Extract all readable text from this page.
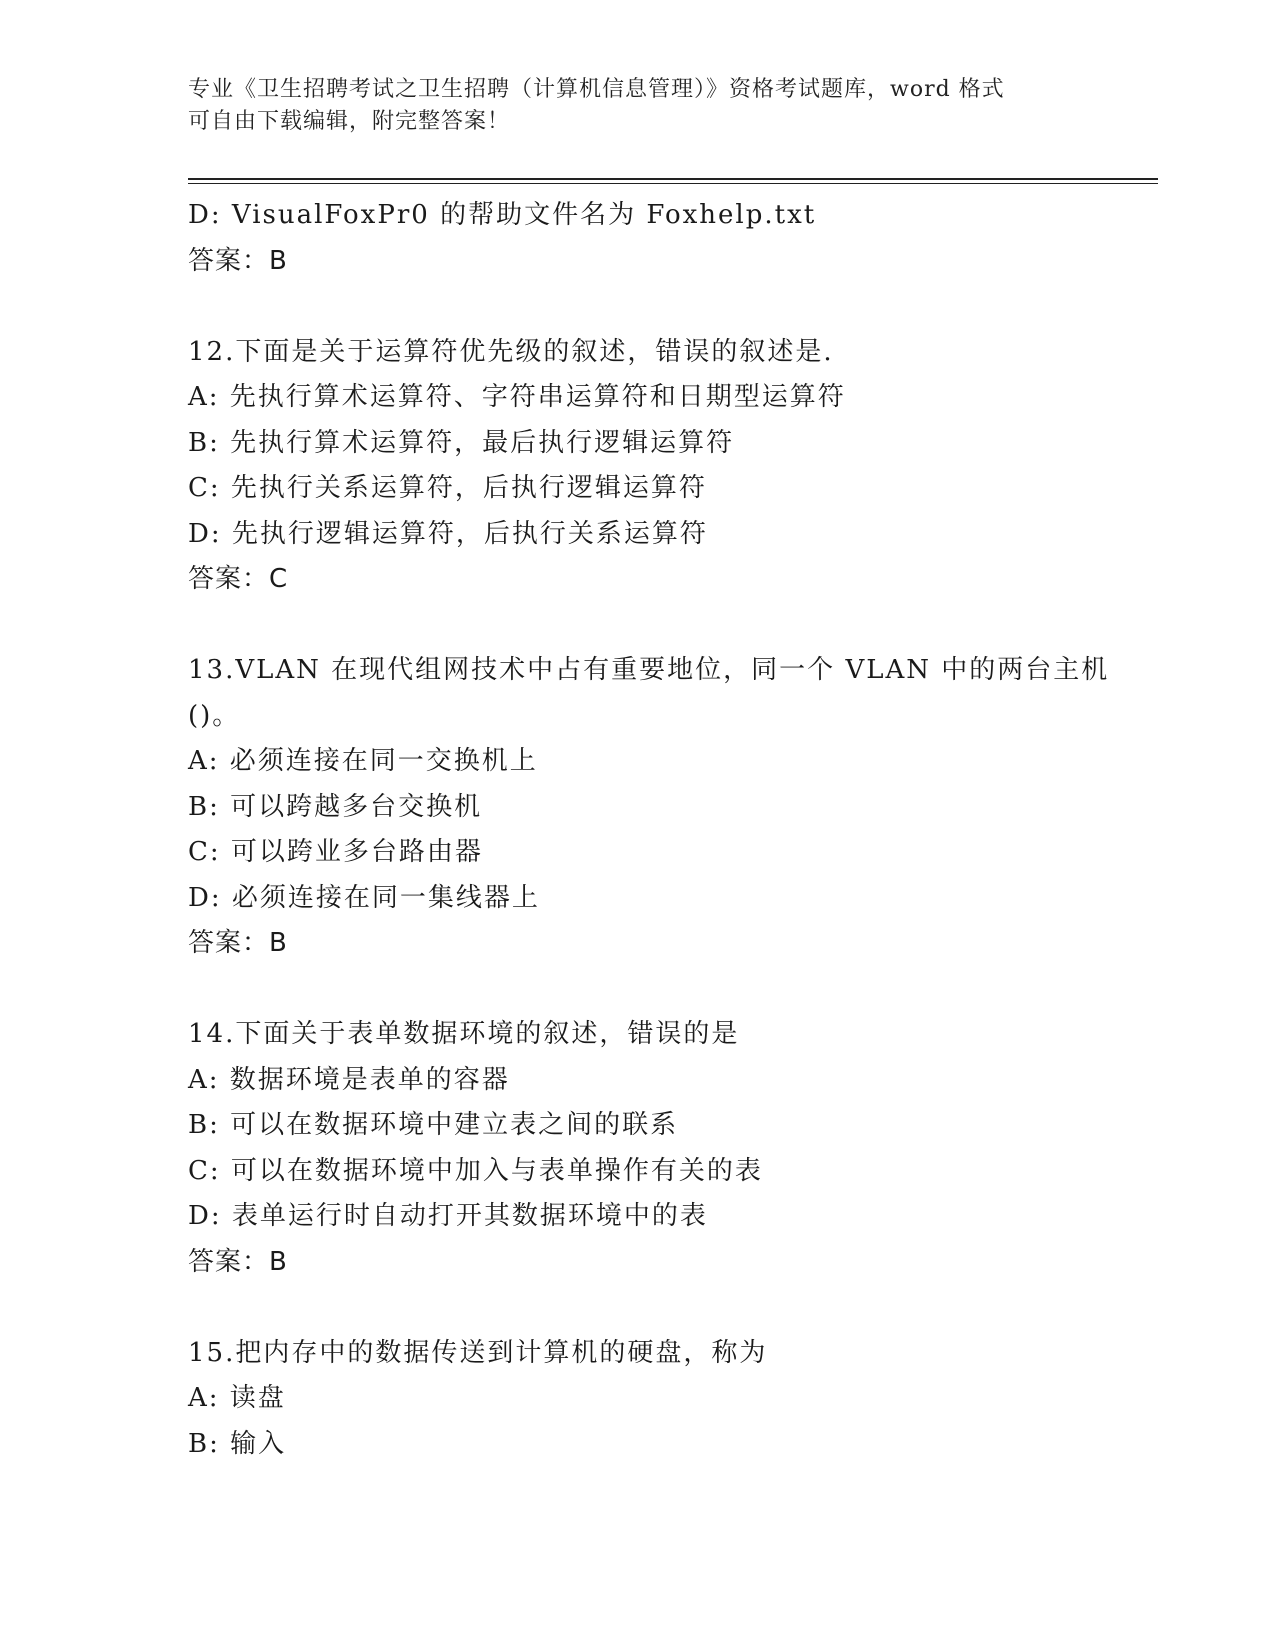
专业《卫生招聘考试之卫生招聘（计算机信息管理）》资格考试题库，word 格式
可自由下载编辑，附完整答案！
D: VisualFoxPr0 的帮助文件名为 Foxhelp.txt
答案：B
12.下面是关于运算符优先级的叙述，错误的叙述是.
A: 先执行算术运算符、字符串运算符和日期型运算符
B: 先执行算术运算符，最后执行逻辑运算符
C: 先执行关系运算符，后执行逻辑运算符
D: 先执行逻辑运算符，后执行关系运算符
答案：C
13.VLAN 在现代组网技术中占有重要地位，同一个 VLAN 中的两台主机
()。
A: 必须连接在同一交换机上
B: 可以跨越多台交换机
C: 可以跨业多台路由器
D: 必须连接在同一集线器上
答案：B
14.下面关于表单数据环境的叙述，错误的是
A: 数据环境是表单的容器
B: 可以在数据环境中建立表之间的联系
C: 可以在数据环境中加入与表单操作有关的表
D: 表单运行时自动打开其数据环境中的表
答案：B
15.把内存中的数据传送到计算机的硬盘，称为
A: 读盘
B: 输入
